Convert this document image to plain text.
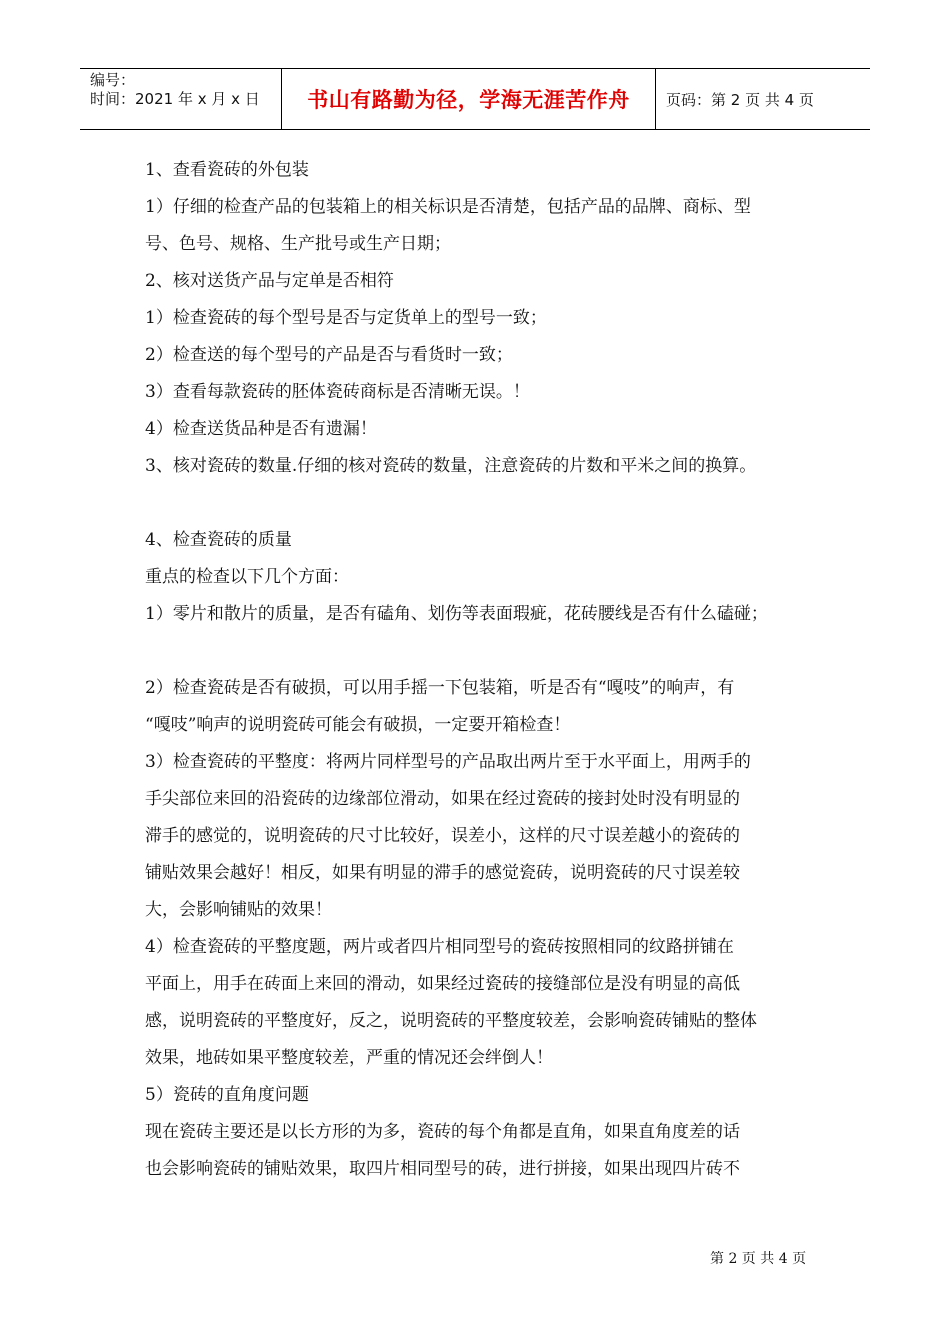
编号：
时间：2021 年 x 月 x 日	书山有路勤为径，学海无涯苦作舟	页码：第 2 页 共 4 页
1、查看瓷砖的外包装
1）仔细的检查产品的包装箱上的相关标识是否清楚，包括产品的品牌、商标、型
号、色号、规格、生产批号或生产日期；
2、核对送货产品与定单是否相符
1）检查瓷砖的每个型号是否与定货单上的型号一致；
2）检查送的每个型号的产品是否与看货时一致；
3）查看每款瓷砖的胚体瓷砖商标是否清晰无误。！
4）检查送货品种是否有遗漏！
3、核对瓷砖的数量.仔细的核对瓷砖的数量，注意瓷砖的片数和平米之间的换算。
4、检查瓷砖的质量
重点的检查以下几个方面：
1）零片和散片的质量，是否有磕角、划伤等表面瑕疵，花砖腰线是否有什么磕碰；
2）检查瓷砖是否有破损，可以用手摇一下包装箱，听是否有“嘎吱”的响声，有
“嘎吱”响声的说明瓷砖可能会有破损，一定要开箱检查！
3）检查瓷砖的平整度：将两片同样型号的产品取出两片至于水平面上，用两手的
手尖部位来回的沿瓷砖的边缘部位滑动，如果在经过瓷砖的接封处时没有明显的
滞手的感觉的，说明瓷砖的尺寸比较好，误差小，这样的尺寸误差越小的瓷砖的
铺贴效果会越好！相反，如果有明显的滞手的感觉瓷砖，说明瓷砖的尺寸误差较
大，会影响铺贴的效果！
4）检查瓷砖的平整度题，两片或者四片相同型号的瓷砖按照相同的纹路拼铺在
平面上，用手在砖面上来回的滑动，如果经过瓷砖的接缝部位是没有明显的高低
感，说明瓷砖的平整度好，反之，说明瓷砖的平整度较差，会影响瓷砖铺贴的整体
效果，地砖如果平整度较差，严重的情况还会绊倒人！
5）瓷砖的直角度问题
现在瓷砖主要还是以长方形的为多，瓷砖的每个角都是直角，如果直角度差的话
也会影响瓷砖的铺贴效果，取四片相同型号的砖，进行拼接，如果出现四片砖不
第 2 页 共 4 页
